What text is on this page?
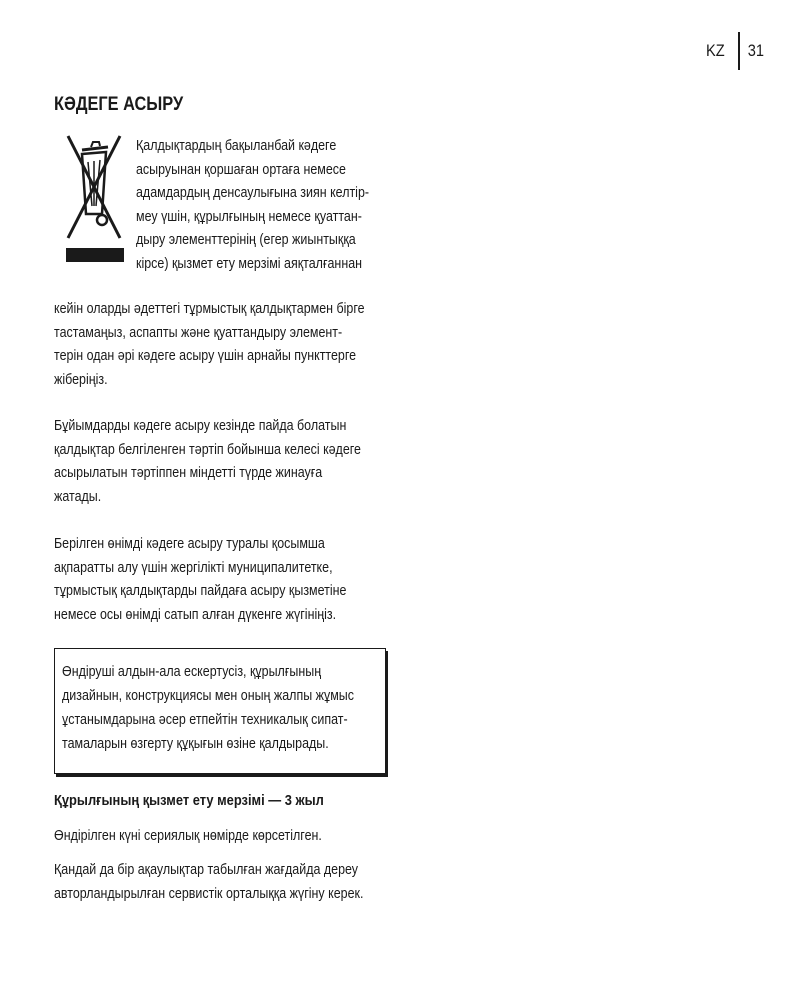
KZ	31
КӘДЕГЕ АСЫРУ
Қалдықтардың бақыланбай кәдеге
асыруынан қоршаған ортаға немесе
адамдардың денсаулығына зиян келтір-
меу үшін, құрылғының немесе қуаттан-
дыру элементтерінің (егер жиынтыққа
кірсе) қызмет ету мерзімі аяқталғаннан
кейін оларды әдеттегі тұрмыстық қалдықтармен бірге
тастамаңыз, аспапты және қуаттандыру элемент-
терін одан әрі кәдеге асыру үшін арнайы пункттерге
жіберіңіз.
Бұйымдарды кәдеге асыру кезінде пайда болатын
қалдықтар белгіленген тәртіп бойынша келесі кәдеге
асырылатын тәртіппен міндетті түрде жинауға
жатады.
Берілген өнімді кәдеге асыру туралы қосымша
ақпаратты алу үшін жергілікті муниципалитетке,
тұрмыстық қалдықтарды пайдаға асыру қызметіне
немесе осы өнімді сатып алған дүкенге жүгініңіз.
Өндіруші алдын-ала ескертусіз, құрылғының
дизайнын, конструкциясы мен оның жалпы жұмыс
ұстанымдарына әсер етпейтін техникалық сипат-
тамаларын өзгерту құқығын өзіне қалдырады.
Құрылғының қызмет ету мерзімі — 3 жыл
Өндірілген күні сериялық нөмірде көрсетілген.
Қандай да бір ақаулықтар табылған жағдайда дереу
авторландырылған сервистік орталыққа жүгіну керек.
